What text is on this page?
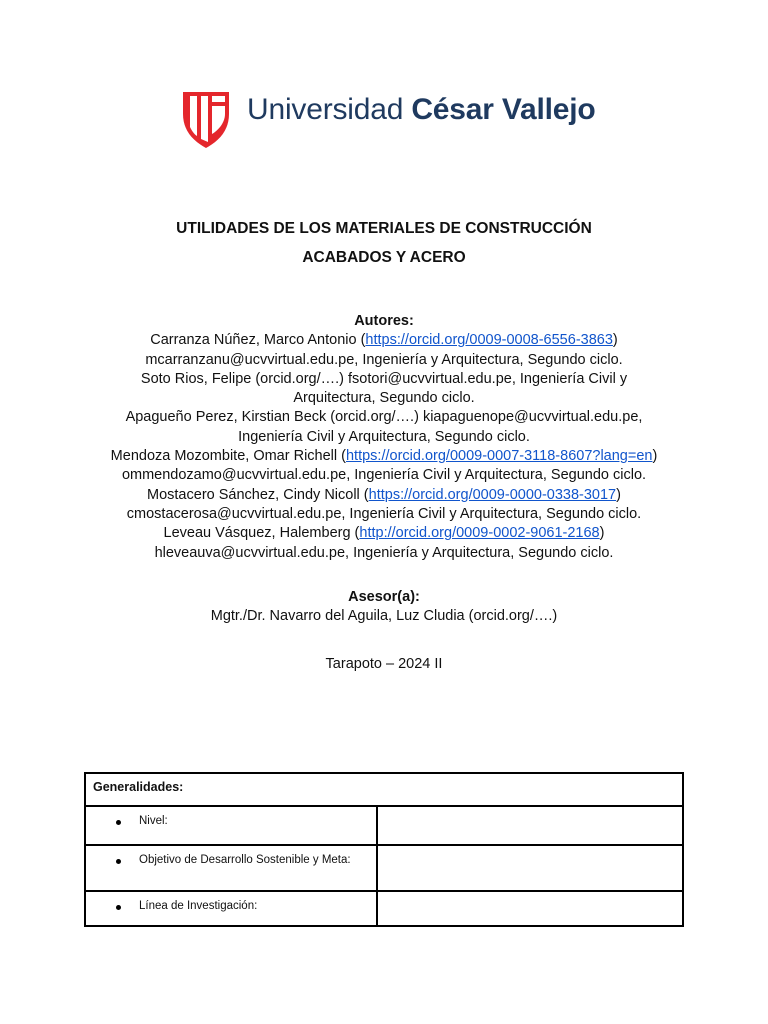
Universidad César Vallejo
UTILIDADES DE LOS MATERIALES DE CONSTRUCCIÓN
ACABADOS Y ACERO
Autores:
Carranza Núñez, Marco Antonio (https://orcid.org/0009-0008-6556-3863)
mcarranzanu@ucvvirtual.edu.pe, Ingeniería y Arquitectura, Segundo ciclo.
Soto Rios, Felipe (orcid.org/….) fsotori@ucvvirtual.edu.pe, Ingeniería Civil y
Arquitectura, Segundo ciclo.
Apagueño Perez, Kirstian Beck (orcid.org/….) kiapaguenope@ucvvirtual.edu.pe,
Ingeniería Civil y Arquitectura, Segundo ciclo.
Mendoza Mozombite, Omar Richell (https://orcid.org/0009-0007-3118-8607?lang=en)
ommendozamo@ucvvirtual.edu.pe, Ingeniería Civil y Arquitectura, Segundo ciclo.
Mostacero Sánchez, Cindy Nicoll (https://orcid.org/0009-0000-0338-3017)
cmostacerosa@ucvvirtual.edu.pe, Ingeniería Civil y Arquitectura, Segundo ciclo.
Leveau Vásquez, Halemberg (http://orcid.org/0009-0002-9061-2168)
hleveauva@ucvvirtual.edu.pe, Ingeniería y Arquitectura, Segundo ciclo.
Asesor(a):
Mgtr./Dr. Navarro del Aguila, Luz Cludia (orcid.org/….)
Tarapoto – 2024 II
Generalidades:	

Nivel:	

Objetivo de Desarrollo Sostenible y Meta:	

Línea de Investigación:	
